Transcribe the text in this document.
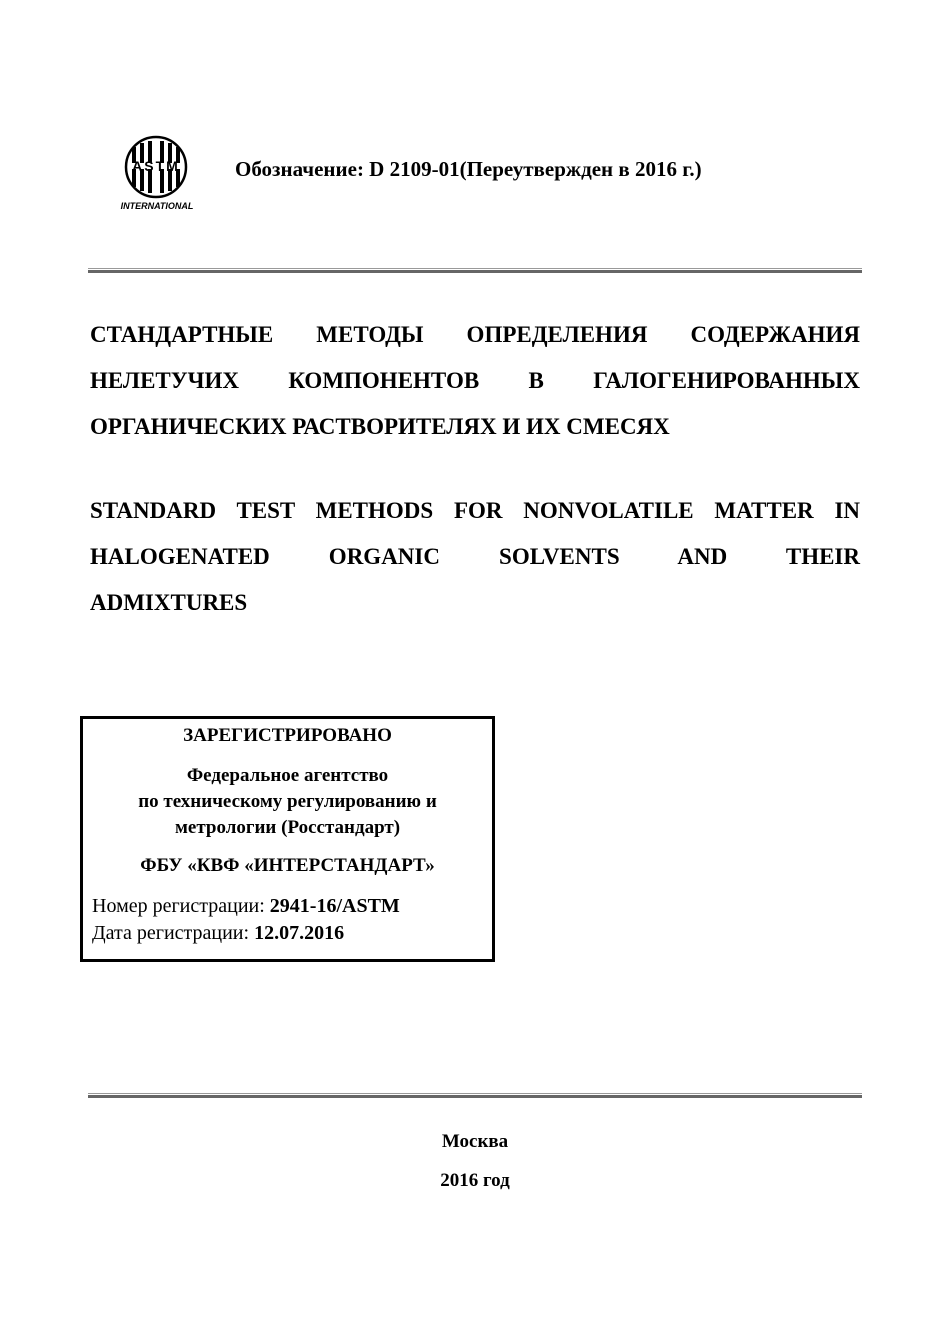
ASTM
INTERNATIONAL
Обозначение: D 2109-01(Переутвержден в 2016 г.)
СТАНДАРТНЫЕ МЕТОДЫ ОПРЕДЕЛЕНИЯ СОДЕРЖАНИЯ
НЕЛЕТУЧИХ КОМПОНЕНТОВ В ГАЛОГЕНИРОВАННЫХ
ОРГАНИЧЕСКИХ РАСТВОРИТЕЛЯХ И ИХ СМЕСЯХ
STANDARD TEST METHODS FOR NONVOLATILE MATTER IN
HALOGENATED ORGANIC SOLVENTS AND THEIR
ADMIXTURES
ЗАРЕГИСТРИРОВАНО
Федеральное агентство
по техническому регулированию и
метрологии (Росстандарт)
ФБУ «КВФ «ИНТЕРСТАНДАРТ»
Номер регистрации: 2941-16/ASTM
Дата регистрации: 12.07.2016
Москва
2016 год
